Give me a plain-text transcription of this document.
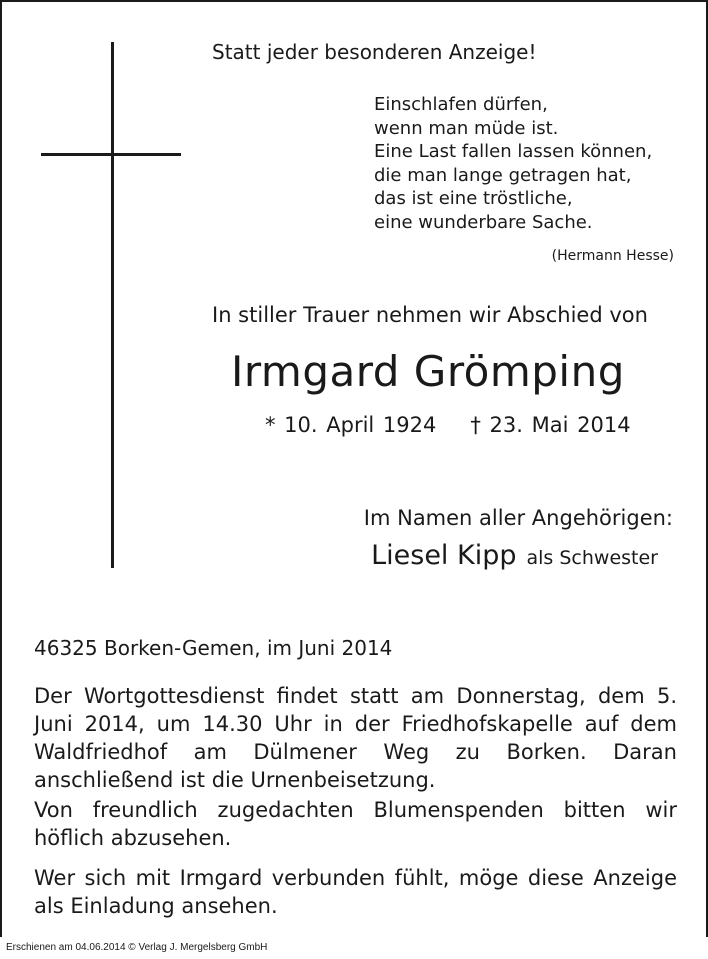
Statt jeder besonderen Anzeige!
Einschlafen dürfen,
wenn man müde ist.
Eine Last fallen lassen können,
die man lange getragen hat,
das ist eine tröstliche,
eine wunderbare Sache.
(Hermann Hesse)
In stiller Trauer nehmen wir Abschied von
Irmgard Grömping
* 10. April 1924 † 23. Mai 2014
Im Namen aller Angehörigen:
Liesel Kipp als Schwester
46325 Borken-Gemen, im Juni 2014
Der Wortgottesdienst findet statt am Donnerstag, dem 5. Juni 2014, um 14.30 Uhr in der Friedhofskapelle auf dem Waldfriedhof am Dülmener Weg zu Borken. Daran anschließend ist die Urnenbeisetzung.
Von freundlich zugedachten Blumenspenden bitten wir höflich abzusehen.
Wer sich mit Irmgard verbunden fühlt, möge diese Anzeige als Einladung ansehen.
Erschienen am 04.06.2014 © Verlag J. Mergelsberg GmbH
